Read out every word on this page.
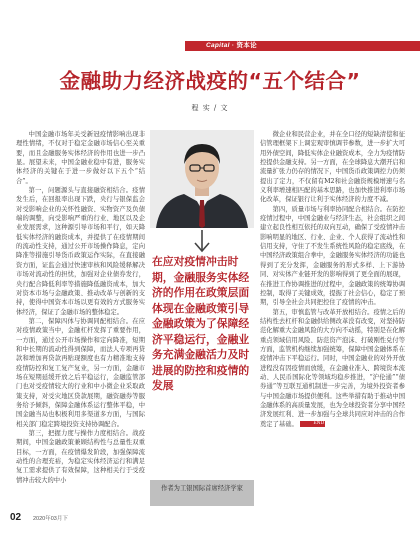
Capital · 资本论
金融助力经济战疫的“五个结合”
程 实 / 文

中国金融市场年关受新冠疫情影响出现非理性情绪，不仅对于稳定金融市场信心至关重要，而且金融服务实体经济的作用也进一步凸显。展望未来，中国金融业稳中有进，服务实体经济的关键在于进一步做好以下五个“结合”。

第一，问题源头与直接融资相结合。疫情发生后，在回报率出现下跌，央行与银保监会对受影响企业的关怀性融资、实物资产及负债端的调整，向受影响严重的行业、地区以及企业发展需求，这种源引导市场和平行，如天降低实体经济的融资成本，并提供了在疫情期间的流动性支持，通过公开市场操作降息，定向降准等措施引导货币政策运作实际，在直接融资方面，证监会通过快速审核和风险缓释解决市场对流动性的担忧，加强对企业债券发行，央行配合降低利率等措施降低融资成本，加大对资本市场与金融政策、推动改革与创新的支持，使得中国资本市场以更有效的方式服务实体经济，保证了金融市场的整体稳定。

第二，保障四体与协调同配相结合。在应对疫情政策当中，金融杠杆发挥了重要作用，一方面，通过公开市场操作和定向降准，短期和中长期的流动性得到保障，而法人专项再贷款和增加再贷款再贴现额度也有力精准地支持疫情防控和复工复产复业，另一方面，金融市场在短期延缓开放之后平稳运行，金融监管部门也对受疫情较大的行业和中小微企业采取政策支持，对受灾地区贷款展期，融资融券等服务给予倾斜，保障金融体系运行整体平稳，中国金融当局也积极利用多渠道多方面，与国际相关部门稳定跨境投资支持协调配合。

第三，把握力度与操作力度相结合。战疫期间，中国金融政策兼顾结构性与总量性双重目标，一方面，在疫情爆发阶段，加强保障流动性的合理充裕，为稳定实体经济运行和满足复工需求提供了有效保障，这种相关行于受疫情冲击较大的中小

在应对疫情冲击时期，金融服务实体经济的作用在政策层面体现在金融政策引导金融政策为了保障经济平稳运行，金融业务充满金融活力及时进展的防控和疫情的发展
作者为工银国际首席经济学家

微企业和民营企业，并在全口径的短缺清偿和征信管理框架下上调宏观审慎调节参数，进一步扩大可用外债空间，降低实体企业融资成本，全力为疫情防控提供金融支持。另一方面，在全球降息大潮开启和流量扩张力仍存的情况下，中国货币政策调控力仍须提出了定力，不仅留有M2和社会融资规模增速与名义利率增速相匹配的基本思路，也加快推进利率市场化改革，保证银行让利于实体经济的力度不减。

第四，质量市场与利率协同配合相结合。在防控疫情过程中，中国金融业与经济生态，社会组织之间建立起良性相互依托的双向互动，确保了受疫情冲击影响明显的地区、行业、企业、个人获得了流动性和信用支持，守住了不发生系统性风险的稳定底线，在中国经济政策组合拳中，金融服务实体经济的功能也得到了充分发挥，金融服务的形式多样、上下游协同、对实体产业链开发的影响得到了更全面的展现，在推进工作协调推进的过程中，金融政策的统筹协调控制，取得了关键成效，提振了社会信心，稳定了预期，引导全社会共同把控住了疫情的冲击。

第五，审慎监管与改革开放相结合。疫情之后的结构性去杠杆和金融供给侧改革没有改变，对坚持防范化解重大金融风险的大方向不动摇，特别是在化解重点领域信用风险、防范资产泡沫、打破刚性兑付等方面，监管机构继续加强统筹，保障中国金融体系在疫情冲击下平稳运行。同时，中国金融业的对外开放进程没有因疫情而放缓，在金融业准入、跨境资本流动、人民币国际化等领域均稳步推进，“沪伦通”“债券通”等互联互通机制进一步完善，为境外投资者参与中国金融市场提供便利。这些举措有助于推动中国金融体系的高质量发展，也为全球投资者分享中国经济发展红利、进一步加强与全球共同应对冲击的合作奠定了基础。	END

02 2020年03月下
